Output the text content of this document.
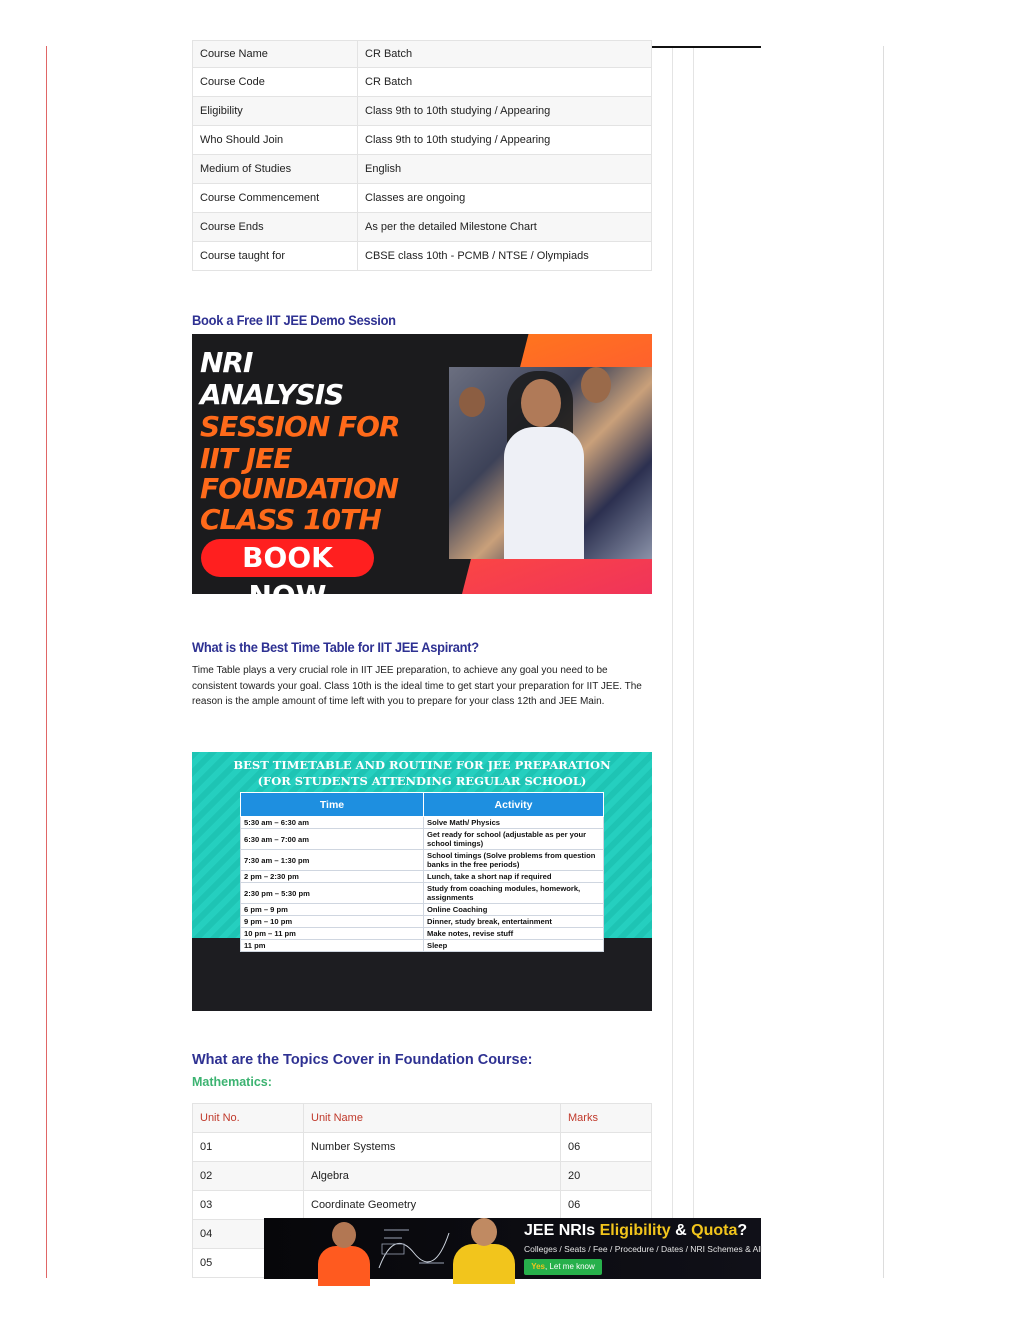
Course Name	CR Batch
Course Code	CR Batch
Eligibility	Class 9th to 10th studying / Appearing
Who Should Join	Class 9th to 10th studying / Appearing
Medium of Studies	English
Course Commencement	Classes are ongoing
Course Ends	As per the detailed Milestone Chart
Course taught for	CBSE class 10th - PCMB / NTSE / Olympiads
Book a Free IIT JEE Demo Session
NRI
ANALYSIS
SESSION FOR
IIT JEE
FOUNDATION
CLASS 10TH
BOOK NOW
What is the Best Time Table for IIT JEE Aspirant?
Time Table plays a very crucial role in IIT JEE preparation, to achieve any goal you need to be consistent towards your goal. Class 10th is the ideal time to get start your preparation for IIT JEE. The reason is the ample amount of time left with you to prepare for your class 12th and JEE Main.
BEST TIMETABLE AND ROUTINE FOR JEE PREPARATION
(FOR STUDENTS ATTENDING REGULAR SCHOOL)
Time	Activity
5:30 am – 6:30 am	Solve Math/ Physics
6:30 am – 7:00 am	Get ready for school (adjustable as per your school timings)
7:30 am – 1:30 pm	School timings (Solve problems from question banks in the free periods)
2 pm – 2:30 pm	Lunch, take a short nap if required
2:30 pm – 5:30 pm	Study from coaching modules, homework, assignments
6 pm – 9 pm	Online Coaching
9 pm – 10 pm	Dinner, study break, entertainment
10 pm – 11 pm	Make notes, revise stuff
11 pm	Sleep
What are the Topics Cover in Foundation Course:
Mathematics:
Unit No.	Unit Name	Marks
01	Number Systems	06
02	Algebra	20
03	Coordinate Geometry	06
04		
05		
JEE NRIs Eligibility & Quota?
Colleges / Seats / Fee / Procedure / Dates / NRI Schemes & All
Yes, Let me know
